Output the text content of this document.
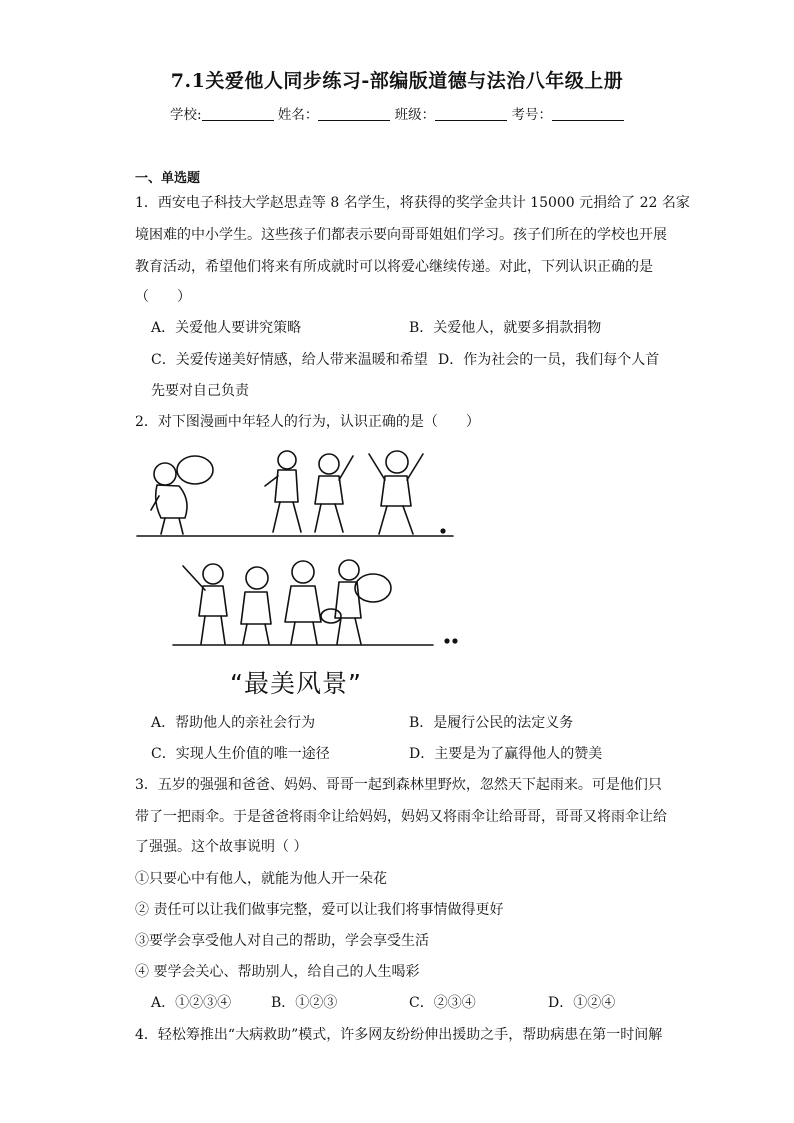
7.1关爱他人同步练习-部编版道德与法治八年级上册
学校:	姓名：	班级：	考号：
一、单选题
1．西安电子科技大学赵思垚等 8 名学生，将获得的奖学金共计 15000 元捐给了 22 名家
境困难的中小学生。这些孩子们都表示要向哥哥姐姐们学习。孩子们所在的学校也开展
教育活动，希望他们将来有所成就时可以将爱心继续传递。对此，下列认识正确的是
（　　）
A．关爱他人要讲究策略	B．关爱他人，就要多捐款捐物
C．关爱传递美好情感，给人带来温暖和希望 D．作为社会的一员，我们每个人首
先要对自己负责
2．对下图漫画中年轻人的行为，认识正确的是（　　）
“最美风景”
A．帮助他人的亲社会行为	B．是履行公民的法定义务
C．实现人生价值的唯一途径	D．主要是为了赢得他人的赞美
3．五岁的强强和爸爸、妈妈、哥哥一起到森林里野炊，忽然天下起雨来。可是他们只
带了一把雨伞。于是爸爸将雨伞让给妈妈，妈妈又将雨伞让给哥哥，哥哥又将雨伞让给
了强强。这个故事说明（ ）
①只要心中有他人，就能为他人开一朵花
② 责任可以让我们做事完整，爱可以让我们将事情做得更好
③要学会享受他人对自己的帮助，学会享受生活
④ 要学会关心、帮助别人，给自己的人生喝彩
A．①②③④	B．①②③	C．②③④	D．①②④
4．轻松筹推出“大病救助”模式，许多网友纷纷伸出援助之手，帮助病患在第一时间解
